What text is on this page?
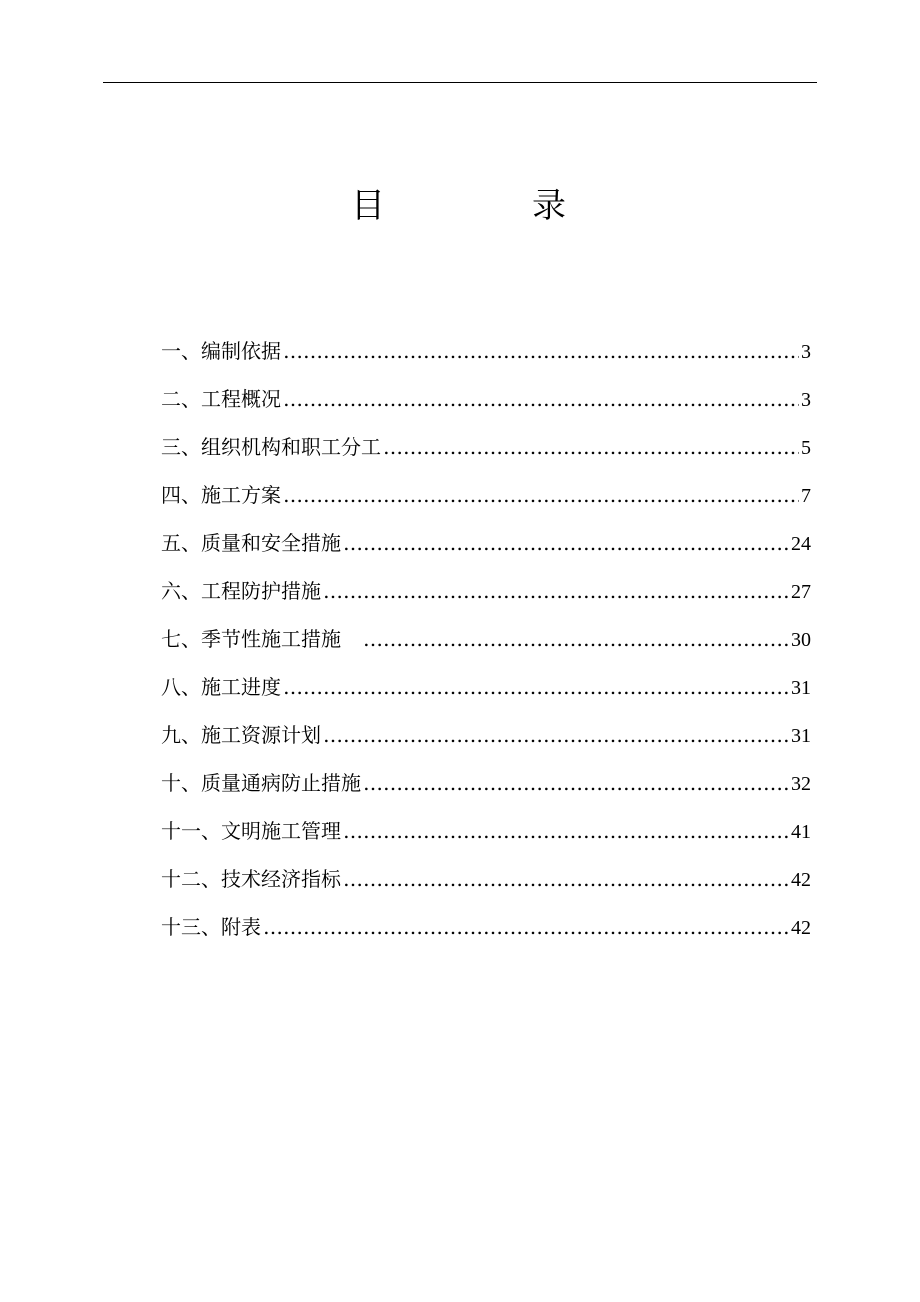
目	录
一、编制依据 ……………………………………………………………………………………………………………………………………………	3
二、工程概况 ……………………………………………………………………………………………………………………………………………	3
三、组织机构和职工分工 ……………………………………………………………………………………………………………………………………………	5
四、施工方案 ……………………………………………………………………………………………………………………………………………	7
五、质量和安全措施 ……………………………………………………………………………………………………………………………………………	24
六、工程防护措施 ……………………………………………………………………………………………………………………………………………	27
七、季节性施工措施　 ……………………………………………………………………………………………………………………………………………	30
八、施工进度 ……………………………………………………………………………………………………………………………………………	31
九、施工资源计划 ……………………………………………………………………………………………………………………………………………	31
十、质量通病防止措施 ……………………………………………………………………………………………………………………………………………	32
十一、文明施工管理 ……………………………………………………………………………………………………………………………………………	41
十二、技术经济指标 ……………………………………………………………………………………………………………………………………………	42
十三、附表 ……………………………………………………………………………………………………………………………………………	42
